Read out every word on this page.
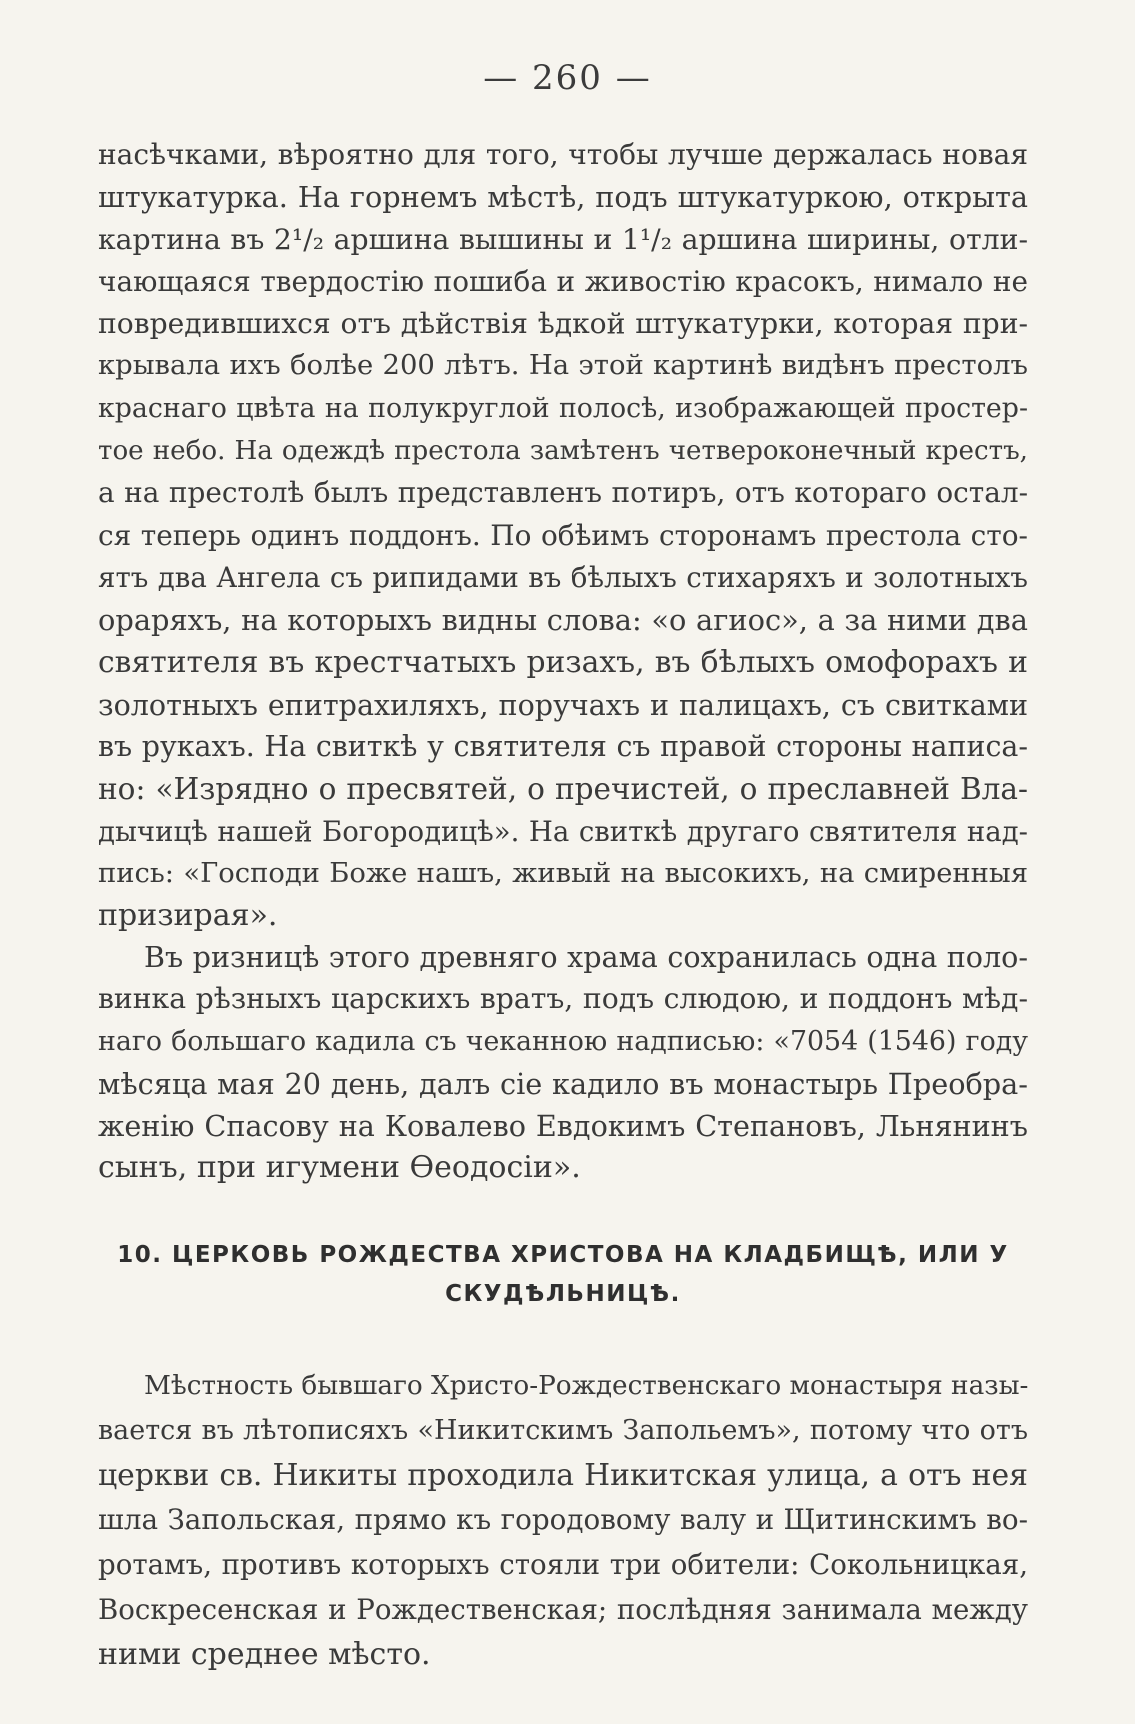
— 260 —
насѣчками, вѣроятно для того, чтобы лучше держалась новая
штукатурка. На горнемъ мѣстѣ, подъ штукатуркою, открыта
картина въ 2¹/₂ аршина вышины и 1¹/₂ аршина ширины, отли-
чающаяся твердостію пошиба и живостію красокъ, нимало не
повредившихся отъ дѣйствія ѣдкой штукатурки, которая при-
крывала ихъ болѣе 200 лѣтъ. На этой картинѣ видѣнъ престолъ
краснаго цвѣта на полукруглой полосѣ, изображающей простер-
тое небо. На одеждѣ престола замѣтенъ четвероконечный крестъ,
а на престолѣ былъ представленъ потиръ, отъ котораго остал-
ся теперь одинъ поддонъ. По обѣимъ сторонамъ престола сто-
ятъ два Ангела съ рипидами въ бѣлыхъ стихаряхъ и золотныхъ
ораряхъ, на которыхъ видны слова: «о агиос», а за ними два
святителя въ крестчатыхъ ризахъ, въ бѣлыхъ омофорахъ и
золотныхъ епитрахиляхъ, поручахъ и палицахъ, съ свитками
въ рукахъ. На свиткѣ у святителя съ правой стороны написа-
но: «Изрядно о пресвятей, о пречистей, о преславней Вла-
дычицѣ нашей Богородицѣ». На свиткѣ другаго святителя над-
пись: «Господи Боже нашъ, живый на высокихъ, на смиренныя
призирая».
Въ ризницѣ этого древняго храма сохранилась одна поло-
винка рѣзныхъ царскихъ вратъ, подъ слюдою, и поддонъ мѣд-
наго большаго кадила съ чеканною надписью: «7054 (1546) году
мѣсяца мая 20 день, далъ сіе кадило въ монастырь Преобра-
женію Спасову на Ковалево Евдокимъ Степановъ, Льнянинъ
сынъ, при игумени Ѳеодосіи».
10. ЦЕРКОВЬ РОЖДЕСТВА ХРИСТОВА НА КЛАДБИЩѢ, ИЛИ У
СКУДѢЛЬНИЦѢ.
Мѣстность бывшаго Христо-Рождественскаго монастыря назы-
вается въ лѣтописяхъ «Никитскимъ Запольемъ», потому что отъ
церкви св. Никиты проходила Никитская улица, а отъ нея
шла Запольская, прямо къ городовому валу и Щитинскимъ во-
ротамъ, противъ которыхъ стояли три обители: Сокольницкая,
Воскресенская и Рождественская; послѣдняя занимала между
ними среднее мѣсто.
